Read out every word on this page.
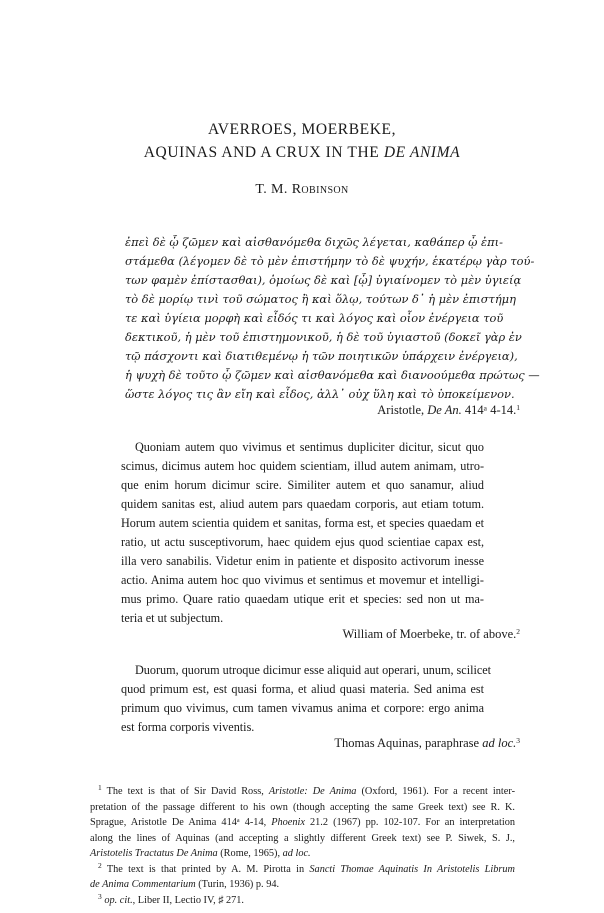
AVERROES, MOERBEKE,
AQUINAS AND A CRUX IN THE DE ANIMA
T. M. Robinson
ἐπεὶ δὲ ᾧ ζῶμεν καὶ αἰσθανόμεθα διχῶς λέγεται, καθάπερ ᾧ ἐπι-
στάμεθα (λέγομεν δὲ τὸ μὲν ἐπιστήμην τὸ δὲ ψυχήν, ἑκατέρῳ γὰρ τού-
των φαμὲν ἐπίστασθαι), ὁμοίως δὲ καὶ [ᾧ] ὑγιαίνομεν τὸ μὲν ὑγιείᾳ
τὸ δὲ μορίῳ τινὶ τοῦ σώματος ἢ καὶ ὅλῳ, τούτων δ᾽ ἡ μὲν ἐπιστήμη
τε καὶ ὑγίεια μορφὴ καὶ εἶδός τι καὶ λόγος καὶ οἷον ἐνέργεια τοῦ
δεκτικοῦ, ἡ μὲν τοῦ ἐπιστημονικοῦ, ἡ δὲ τοῦ ὑγιαστοῦ (δοκεῖ γὰρ ἐν
τῷ πάσχοντι καὶ διατιθεμένῳ ἡ τῶν ποιητικῶν ὑπάρχειν ἐνέργεια),
ἡ ψυχὴ δὲ τοῦτο ᾧ ζῶμεν καὶ αἰσθανόμεθα καὶ διανοούμεθα πρώτως —
ὥστε λόγος τις ἂν εἴη καὶ εἶδος, ἀλλ᾽ οὐχ ὕλη καὶ τὸ ὑποκείμενον.
Aristotle, De An. 414ᵃ 4-14.$^1$
Quoniam autem quo vivimus et sentimus dupliciter dicitur, sicut quo
scimus, dicimus autem hoc quidem scientiam, illud autem animam, utro-
que enim horum dicimur scire. Similiter autem et quo sanamur, aliud
quidem sanitas est, aliud autem pars quaedam corporis, aut etiam totum.
Horum autem scientia quidem et sanitas, forma est, et species quaedam et
ratio, ut actu susceptivorum, haec quidem ejus quod scientiae capax est,
illa vero sanabilis. Videtur enim in patiente et disposito activorum inesse
actio. Anima autem hoc quo vivimus et sentimus et movemur et intelligi-
mus primo. Quare ratio quaedam utique erit et species: sed non ut ma-
teria et ut subjectum.
William of Moerbeke, tr. of above.$^2$
Duorum, quorum utroque dicimur esse aliquid aut operari, unum, scilicet
quod primum est, est quasi forma, et aliud quasi materia. Sed anima est
primum quo vivimus, cum tamen vivamus anima et corpore: ergo anima
est forma corporis viventis.
Thomas Aquinas, paraphrase ad loc.$^3$
$^1$ The text is that of Sir David Ross, Aristotle: De Anima (Oxford, 1961). For a recent inter-
pretation of the passage different to his own (though accepting the same Greek text) see R. K.
Sprague, Aristotle De Anima 414ᵃ 4-14, Phoenix 21.2 (1967) pp. 102-107. For an interpretation
along the lines of Aquinas (and accepting a slightly different Greek text) see P. Siwek, S. J.,
Aristotelis Tractatus De Anima (Rome, 1965), ad loc.
$^2$ The text is that printed by A. M. Pirotta in Sancti Thomae Aquinatis In Aristotelis Librum
de Anima Commentarium (Turin, 1936) p. 94.
$^3$ op. cit., Liber II, Lectio IV, ♯ 271.
